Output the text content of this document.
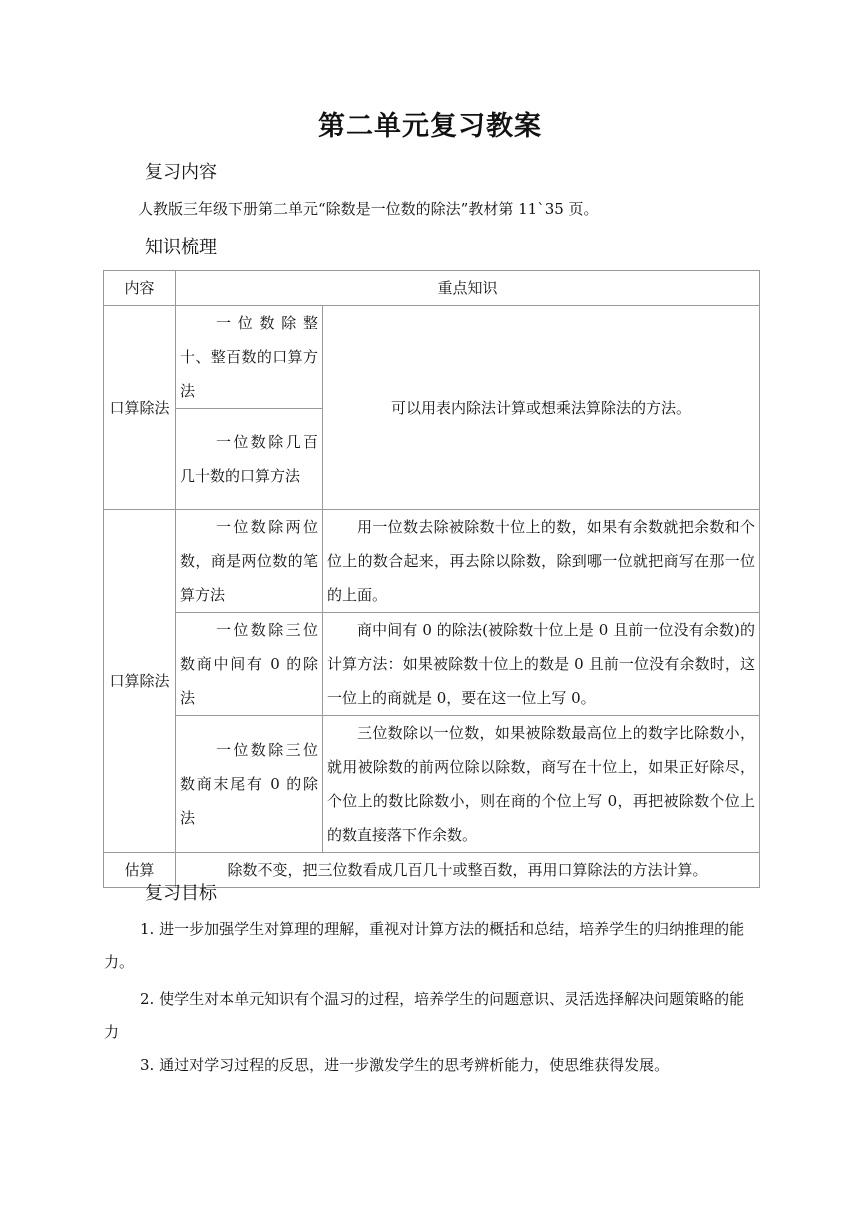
第二单元复习教案
复习内容
人教版三年级下册第二单元“除数是一位数的除法”教材第 11`35 页。
知识梳理
内容	重点知识	
口算除法	一位数除整十、整百数的口算方法	可以用表内除法计算或想乘法算除法的方法。
	一位数除几百几十数的口算方法	
口算除法	一位数除两位数，商是两位数的笔算方法	用一位数去除被除数十位上的数，如果有余数就把余数和个位上的数合起来，再去除以除数，除到哪一位就把商写在那一位的上面。
	一位数除三位数商中间有 0 的除法	商中间有 0 的除法(被除数十位上是 0 且前一位没有余数)的计算方法：如果被除数十位上的数是 0 且前一位没有余数时，这一位上的商就是 0，要在这一位上写 0。
	一位数除三位数商末尾有 0 的除法	三位数除以一位数，如果被除数最高位上的数字比除数小，就用被除数的前两位除以除数，商写在十位上，如果正好除尽，个位上的数比除数小，则在商的个位上写 0，再把被除数个位上的数直接落下作余数。
估算	除数不变，把三位数看成几百几十或整百数，再用口算除法的方法计算。	
复习目标
1. 进一步加强学生对算理的理解，重视对计算方法的概括和总结，培养学生的归纳推理的能力。
2. 使学生对本单元知识有个温习的过程，培养学生的问题意识、灵活选择解决问题策略的能力
3. 通过对学习过程的反思，进一步激发学生的思考辨析能力，使思维获得发展。
